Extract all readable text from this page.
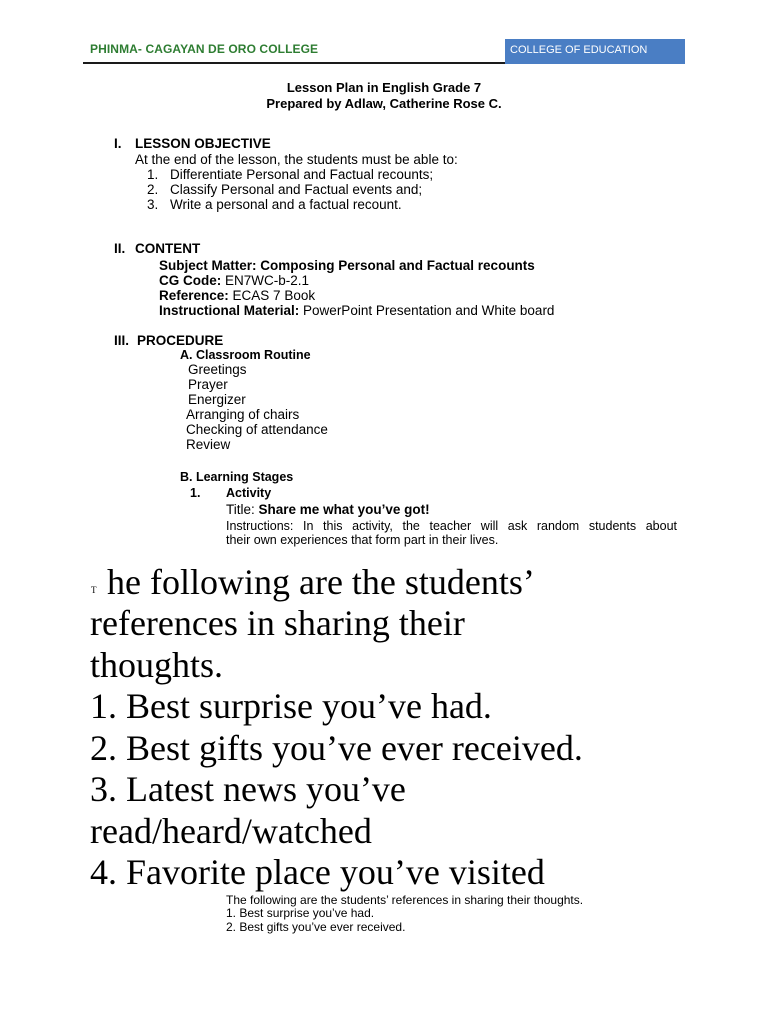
PHINMA- CAGAYAN DE ORO COLLEGE	COLLEGE OF EDUCATION
Lesson Plan in English Grade 7
Prepared by Adlaw, Catherine Rose C.
I. LESSON OBJECTIVE
At the end of the lesson, the students must be able to:
1. Differentiate Personal and Factual recounts;
2. Classify Personal and Factual events and;
3. Write a personal and a factual recount.
II. CONTENT
Subject Matter: Composing Personal and Factual recounts
CG Code: EN7WC-b-2.1
Reference: ECAS 7 Book
Instructional Material: PowerPoint Presentation and White board
III. PROCEDURE
A. Classroom Routine
Greetings
Prayer
Energizer
Arranging of chairs
Checking of attendance
Review
B. Learning Stages
1. Activity
Title: Share me what you’ve got!
Instructions: In this activity, the teacher will ask random students about
their own experiences that form part in their lives.
T he following are the students’
references in sharing their
thoughts.
1. Best surprise you’ve had.
2. Best gifts you’ve ever received.
3. Latest news you’ve
read/heard/watched
4. Favorite place you’ve visited
The following are the students’ references in sharing their thoughts.
1. Best surprise you’ve had.
2. Best gifts you’ve ever received.
